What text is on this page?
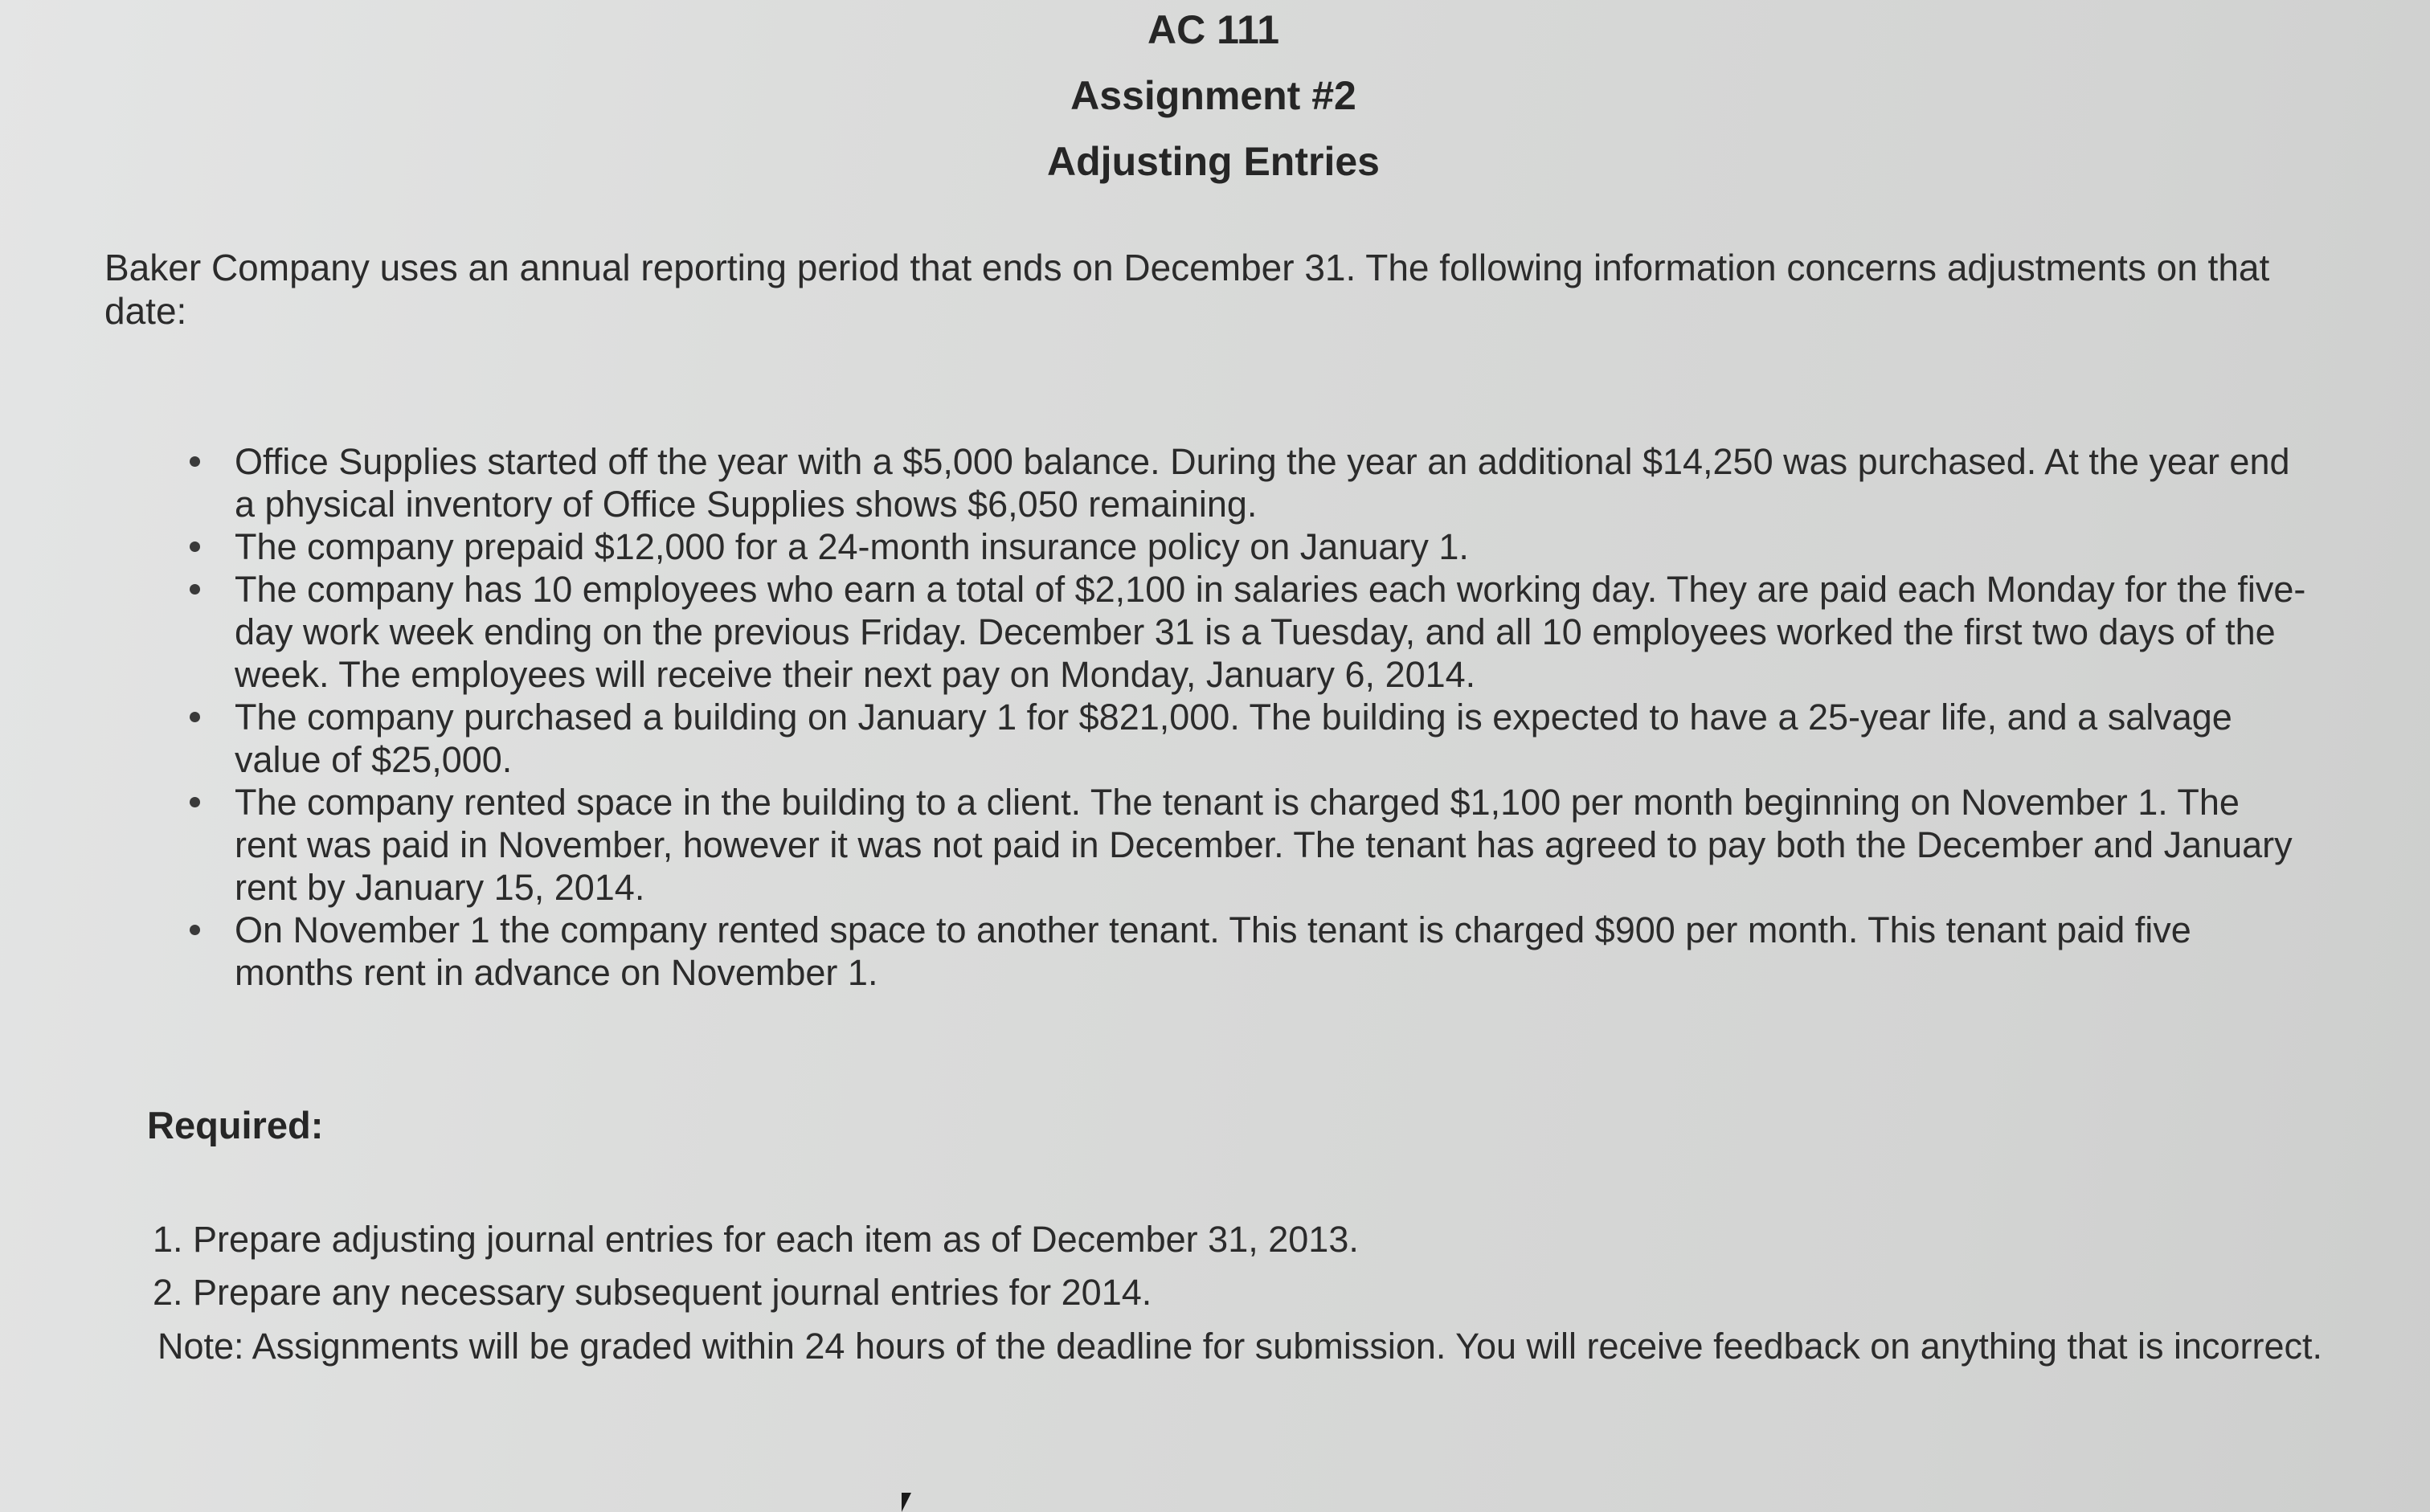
AC 111
Assignment #2
Adjusting Entries
Baker Company uses an annual reporting period that ends on December 31. The following information concerns adjustments on that date:
Office Supplies started off the year with a $5,000 balance. During the year an additional $14,250 was purchased. At the year end a physical inventory of Office Supplies shows $6,050 remaining.
The company prepaid $12,000 for a 24-month insurance policy on January 1.
The company has 10 employees who earn a total of $2,100 in salaries each working day. They are paid each Monday for the five-day work week ending on the previous Friday. December 31 is a Tuesday, and all 10 employees worked the first two days of the week. The employees will receive their next pay on Monday, January 6, 2014.
The company purchased a building on January 1 for $821,000. The building is expected to have a 25-year life, and a salvage value of $25,000.
The company rented space in the building to a client. The tenant is charged $1,100 per month beginning on November 1. The rent was paid in November, however it was not paid in December. The tenant has agreed to pay both the December and January rent by January 15, 2014.
On November 1 the company rented space to another tenant. This tenant is charged $900 per month. This tenant paid five months rent in advance on November 1.
Required:
1. Prepare adjusting journal entries for each item as of December 31, 2013.
2. Prepare any necessary subsequent journal entries for 2014.
Note: Assignments will be graded within 24 hours of the deadline for submission. You will receive feedback on anything that is incorrect.
